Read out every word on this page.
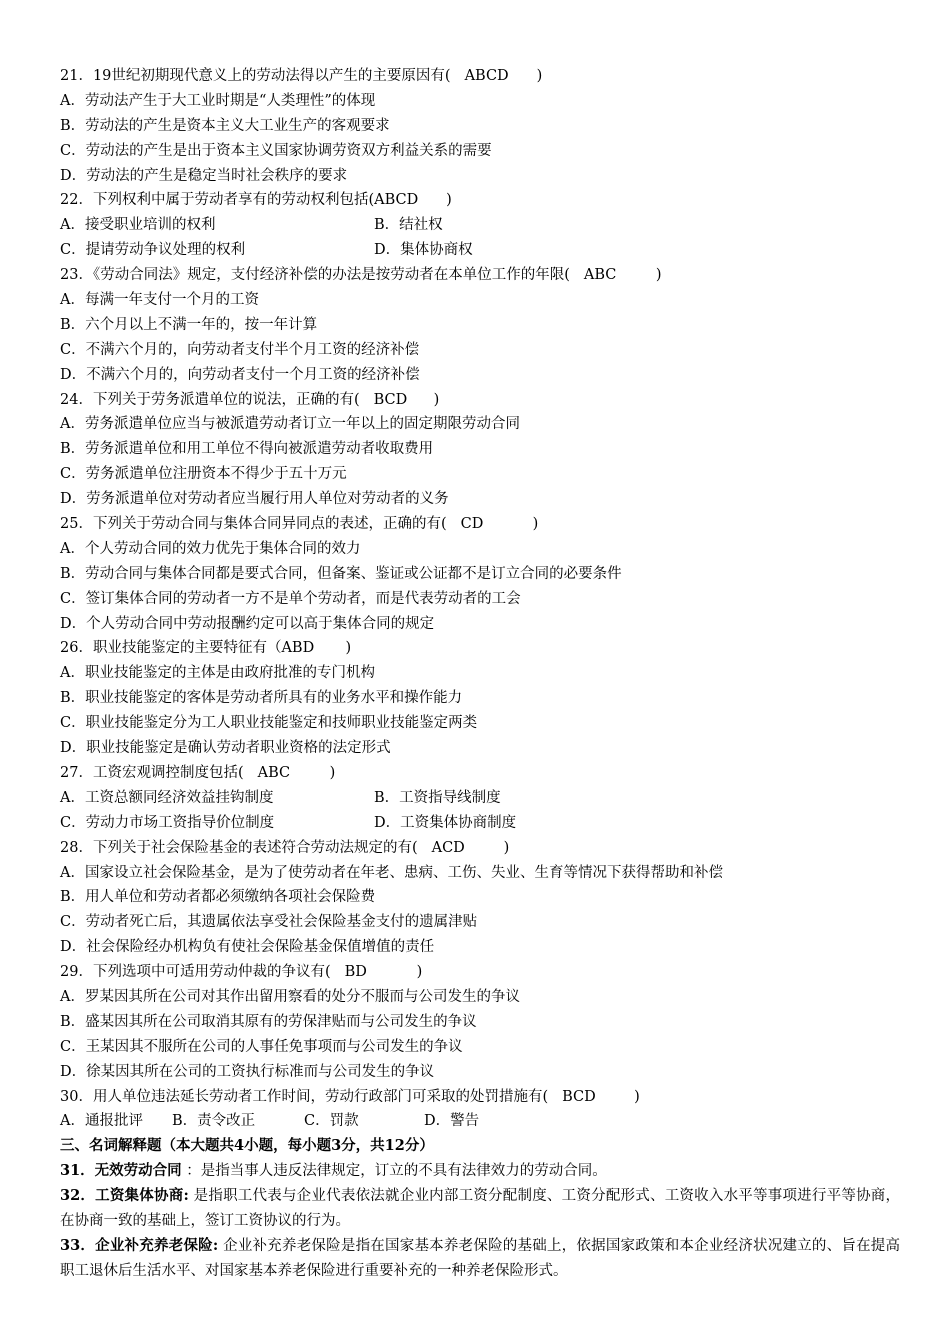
21．19世纪初期现代意义上的劳动法得以产生的主要原因有( ABCD )
A．劳动法产生于大工业时期是“人类理性”的体现
B．劳动法的产生是资本主义大工业生产的客观要求
C．劳动法的产生是出于资本主义国家协调劳资双方利益关系的需要
D．劳动法的产生是稳定当时社会秩序的要求
22．下列权利中属于劳动者享有的劳动权利包括(ABCD )
A．接受职业培训的权利	B．结社权
C．提请劳动争议处理的权利	D．集体协商权
23．《劳动合同法》规定，支付经济补偿的办法是按劳动者在本单位工作的年限( ABC	)
A．每满一年支付一个月的工资
B．六个月以上不满一年的，按一年计算
C．不满六个月的，向劳动者支付半个月工资的经济补偿
D．不满六个月的，向劳动者支付一个月工资的经济补偿
24．下列关于劳务派遣单位的说法，正确的有( BCD )
A．劳务派遣单位应当与被派遣劳动者订立一年以上的固定期限劳动合同
B．劳务派遣单位和用工单位不得向被派遣劳动者收取费用
C．劳务派遣单位注册资本不得少于五十万元
D．劳务派遣单位对劳动者应当履行用人单位对劳动者的义务
25．下列关于劳动合同与集体合同异同点的表述，正确的有( CD	)
A．个人劳动合同的效力优先于集体合同的效力
B．劳动合同与集体合同都是要式合同，但备案、鉴证或公证都不是订立合同的必要条件
C．签订集体合同的劳动者一方不是单个劳动者，而是代表劳动者的工会
D．个人劳动合同中劳动报酬约定可以高于集体合同的规定
26．职业技能鉴定的主要特征有（ABD )
A．职业技能鉴定的主体是由政府批准的专门机构
B．职业技能鉴定的客体是劳动者所具有的业务水平和操作能力
C．职业技能鉴定分为工人职业技能鉴定和技师职业技能鉴定两类
D．职业技能鉴定是确认劳动者职业资格的法定形式
27．工资宏观调控制度包括( ABC	)
A．工资总额同经济效益挂钩制度	B．工资指导线制度
C．劳动力市场工资指导价位制度	D．工资集体协商制度
28．下列关于社会保险基金的表述符合劳动法规定的有( ACD	)
A．国家设立社会保险基金，是为了使劳动者在年老、患病、工伤、失业、生育等情况下获得帮助和补偿
B．用人单位和劳动者都必须缴纳各项社会保险费
C．劳动者死亡后，其遗属依法享受社会保险基金支付的遗属津贴
D．社会保险经办机构负有使社会保险基金保值增值的责任
29．下列选项中可适用劳动仲裁的争议有( BD	)
A．罗某因其所在公司对其作出留用察看的处分不服而与公司发生的争议
B．盛某因其所在公司取消其原有的劳保津贴而与公司发生的争议
C．王某因其不服所在公司的人事任免事项而与公司发生的争议
D．徐某因其所在公司的工资执行标准而与公司发生的争议
30．用人单位违法延长劳动者工作时间，劳动行政部门可采取的处罚措施有( BCD	)
A．通报批评	B．责令改正	C．罚款	D．警告
三、名词解释题（本大题共4小题，每小题3分，共12分）
31．无效劳动合同 ：是指当事人违反法律规定，订立的不具有法律效力的劳动合同。
32．工资集体协商: 是指职工代表与企业代表依法就企业内部工资分配制度、工资分配形式、工资收入水平等事项进行平等协商，在协商一致的基础上，签订工资协议的行为。
33．企业补充养老保险: 企业补充养老保险是指在国家基本养老保险的基础上，依据国家政策和本企业经济状况建立的、旨在提高职工退休后生活水平、对国家基本养老保险进行重要补充的一种养老保险形式。
